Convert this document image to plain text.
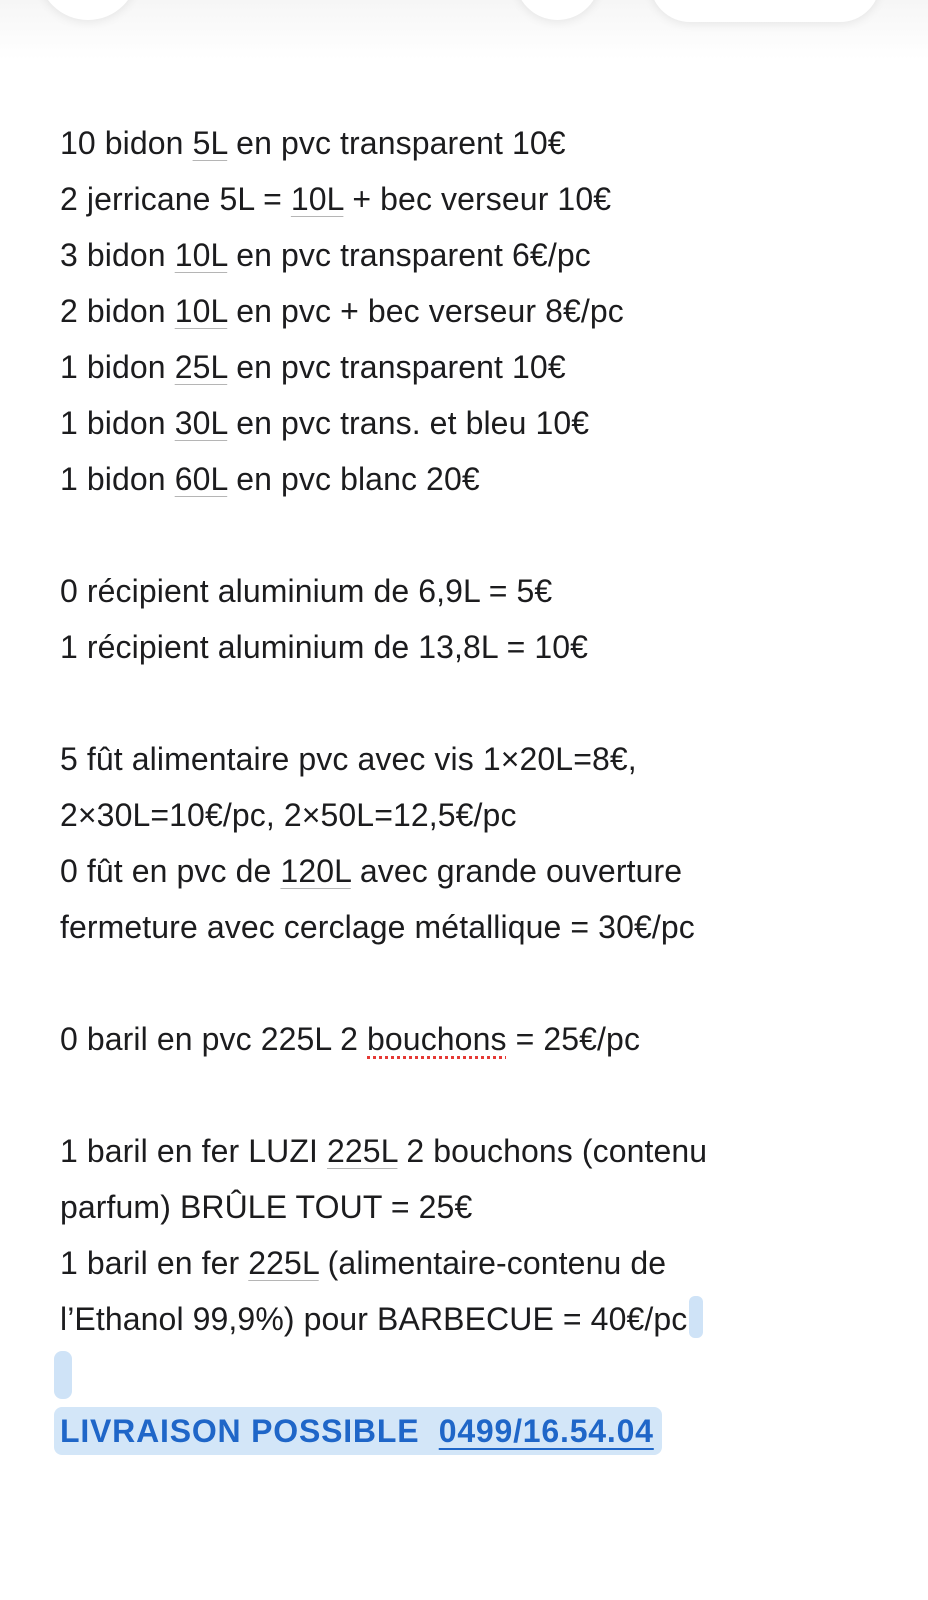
10 bidon 5L en pvc transparent 10€
2 jerricane 5L = 10L + bec verseur 10€
3 bidon 10L en pvc transparent 6€/pc
2 bidon 10L en pvc + bec verseur 8€/pc
1 bidon 25L en pvc transparent 10€
1 bidon 30L en pvc trans. et bleu 10€
1 bidon 60L en pvc blanc 20€
0 récipient aluminium de 6,9L = 5€
1 récipient aluminium de 13,8L = 10€
5 fût alimentaire pvc avec vis 1×20L=8€,
2×30L=10€/pc, 2×50L=12,5€/pc
0 fût en pvc de 120L avec grande ouverture
fermeture avec cerclage métallique = 30€/pc
0 baril en pvc 225L 2 bouchons = 25€/pc
1 baril en fer LUZI 225L 2 bouchons (contenu
parfum) BRÛLE TOUT = 25€
1 baril en fer 225L (alimentaire-contenu de
l’Ethanol 99,9%) pour BARBECUE = 40€/pc
LIVRAISON POSSIBLE 0499/16.54.04
